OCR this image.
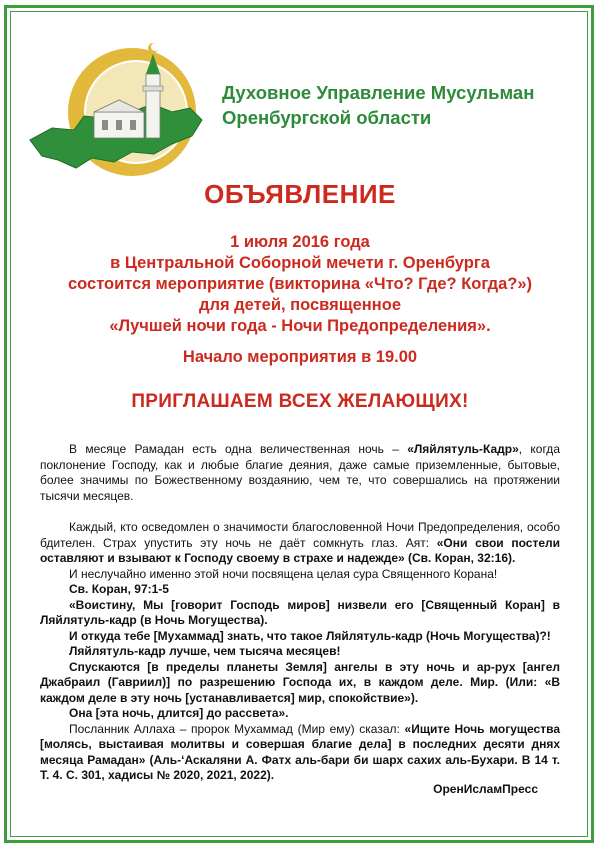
Духовное Управление Мусульман
Оренбургской области
ОБЪЯВЛЕНИЕ
1 июля 2016 года
в Центральной Соборной мечети г. Оренбурга
состоится мероприятие (викторина «Что? Где? Когда?»)
для детей, посвященное
«Лучшей ночи года - Ночи Предопределения».
Начало мероприятия в 19.00
ПРИГЛАШАЕМ ВСЕХ ЖЕЛАЮЩИХ!

В месяце Рамадан есть одна величественная ночь – «Ляйлятуль-Кадр», когда поклонение Господу, как и любые благие деяния, даже самые приземленные, бытовые, более значимы по Божественному воздаянию, чем те, что совершались на протяжении тысячи месяцев.

Каждый, кто осведомлен о значимости благословенной Ночи Предопределения, особо бдителен. Страх упустить эту ночь не даёт сомкнуть глаз. Аят: «Они свои постели оставляют и взывают к Господу своему в страхе и надежде» (Св. Коран, 32:16).

И неслучайно именно этой ночи посвящена целая сура Священного Корана!

Св. Коран, 97:1-5

«Воистину, Мы [говорит Господь миров] низвели его [Священный Коран] в Ляйлятуль-кадр (в Ночь Могущества).

И откуда тебе [Мухаммад] знать, что такое Ляйлятуль-кадр (Ночь Могущества)?!

Ляйлятуль-кадр лучше, чем тысяча месяцев!

Спускаются [в пределы планеты Земля] ангелы в эту ночь и ар-рух [ангел Джабраил (Гавриил)] по разрешению Господа их, в каждом деле. Мир. (Или: «В каждом деле в эту ночь [устанавливается] мир, спокойствие»).

Она [эта ночь, длится] до рассвета».

Посланник Аллаха – пророк Мухаммад (Мир ему) сказал: «Ищите Ночь могущества [молясь, выстаивая молитвы и совершая благие дела] в последних десяти днях месяца Рамадан» (Аль-‘Аскаляни А. Фатх аль-бари би шарх сахих аль-Бухари. В 14 т. Т. 4. С. 301, хадисы № 2020, 2021, 2022).

ОренИсламПресс
